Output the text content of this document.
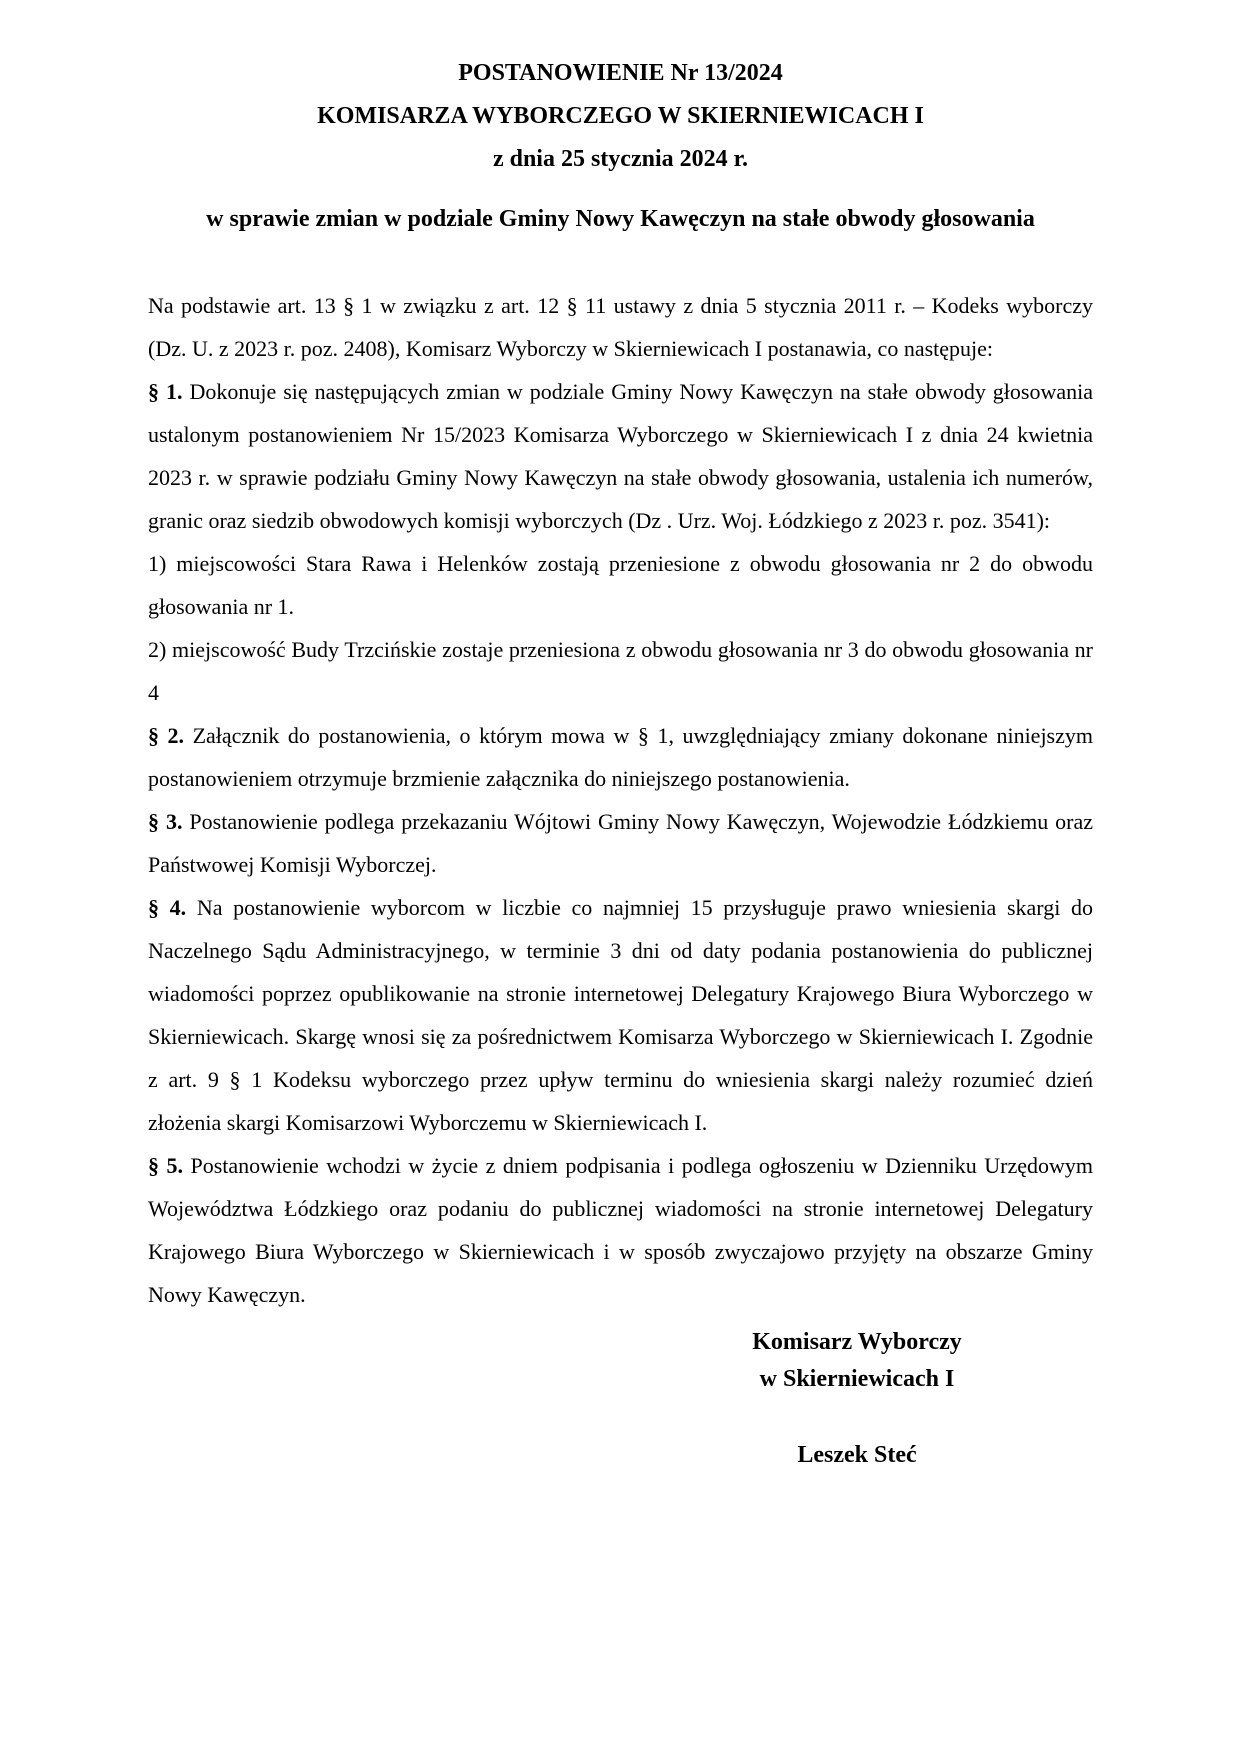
POSTANOWIENIE Nr 13/2024
KOMISARZA WYBORCZEGO W SKIERNIEWICACH I
z dnia 25 stycznia 2024 r.
w sprawie zmian w podziale Gminy Nowy Kawęczyn na stałe obwody głosowania

Na podstawie art. 13 § 1 w związku z art. 12 § 11 ustawy z dnia 5 stycznia 2011 r. – Kodeks wyborczy (Dz. U. z 2023 r. poz. 2408), Komisarz Wyborczy w Skierniewicach I postanawia, co następuje:

§ 1. Dokonuje się następujących zmian w podziale Gminy Nowy Kawęczyn na stałe obwody głosowania ustalonym postanowieniem Nr 15/2023 Komisarza Wyborczego w Skierniewicach I z dnia 24 kwietnia 2023 r. w sprawie podziału Gminy Nowy Kawęczyn na stałe obwody głosowania, ustalenia ich numerów, granic oraz siedzib obwodowych komisji wyborczych (Dz . Urz. Woj. Łódzkiego z 2023 r. poz. 3541):

1) miejscowości Stara Rawa i Helenków zostają przeniesione z obwodu głosowania nr 2 do obwodu głosowania nr 1.

2) miejscowość Budy Trzcińskie zostaje przeniesiona z obwodu głosowania nr 3 do obwodu głosowania nr 4

§ 2. Załącznik do postanowienia, o którym mowa w § 1, uwzględniający zmiany dokonane niniejszym postanowieniem otrzymuje brzmienie załącznika do niniejszego postanowienia.

§ 3. Postanowienie podlega przekazaniu Wójtowi Gminy Nowy Kawęczyn, Wojewodzie Łódzkiemu oraz Państwowej Komisji Wyborczej.

§ 4. Na postanowienie wyborcom w liczbie co najmniej 15 przysługuje prawo wniesienia skargi do Naczelnego Sądu Administracyjnego, w terminie 3 dni od daty podania postanowienia do publicznej wiadomości poprzez opublikowanie na stronie internetowej Delegatury Krajowego Biura Wyborczego w Skierniewicach. Skargę wnosi się za pośrednictwem Komisarza Wyborczego w Skierniewicach I. Zgodnie z art. 9 § 1 Kodeksu wyborczego przez upływ terminu do wniesienia skargi należy rozumieć dzień złożenia skargi Komisarzowi Wyborczemu w Skierniewicach I.

§ 5. Postanowienie wchodzi w życie z dniem podpisania i podlega ogłoszeniu w Dzienniku Urzędowym Województwa Łódzkiego oraz podaniu do publicznej wiadomości na stronie internetowej Delegatury Krajowego Biura Wyborczego w Skierniewicach i w sposób zwyczajowo przyjęty na obszarze Gminy Nowy Kawęczyn.

Komisarz Wyborczy
w Skierniewicach I
Leszek Steć
